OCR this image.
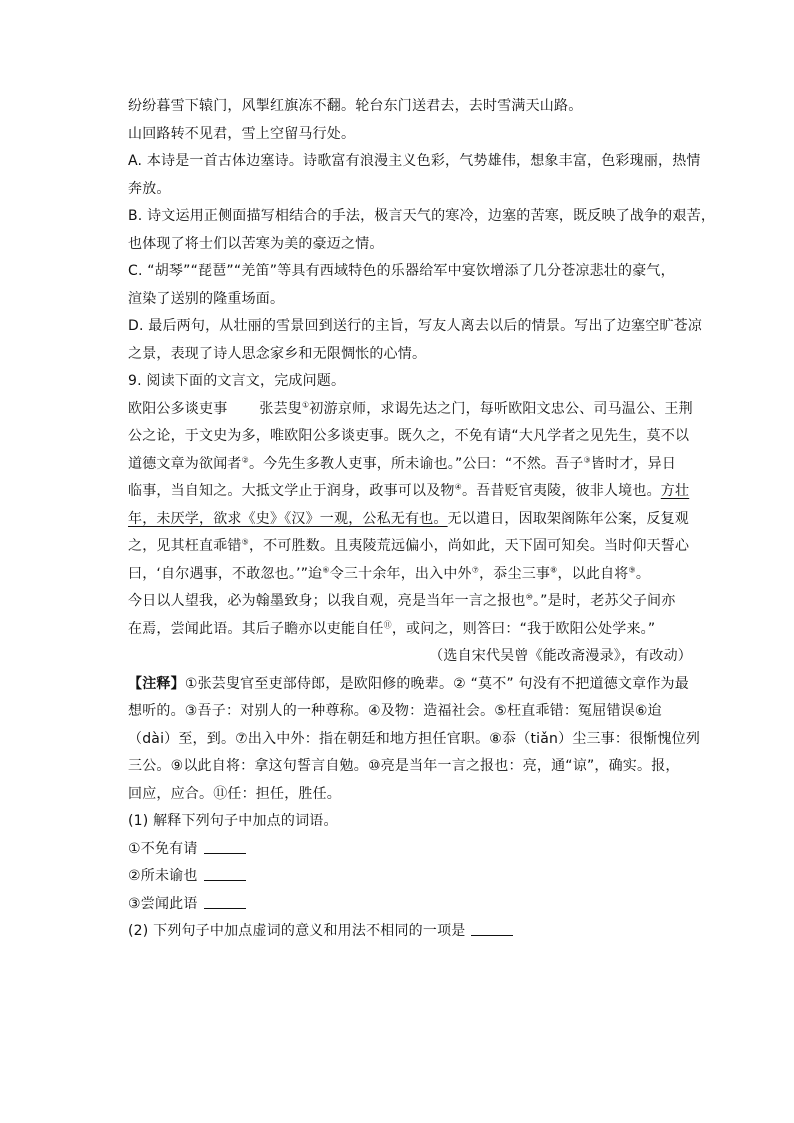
纷纷暮雪下辕门，风掣红旗冻不翻。轮台东门送君去，去时雪满天山路。
山回路转不见君，雪上空留马行处。
A. 本诗是一首古体边塞诗。诗歌富有浪漫主义色彩，气势雄伟，想象丰富，色彩瑰丽，热情
奔放。
B. 诗文运用正侧面描写相结合的手法，极言天气的寒冷，边塞的苦寒，既反映了战争的艰苦，
也体现了将士们以苦寒为美的豪迈之情。
C. “胡琴”“琵琶”“羌笛”等具有西域特色的乐器给军中宴饮增添了几分苍凉悲壮的豪气，
渲染了送别的隆重场面。
D. 最后两句，从壮丽的雪景回到送行的主旨，写友人离去以后的情景。写出了边塞空旷苍凉
之景，表现了诗人思念家乡和无限惆怅的心情。
9. 阅读下面的文言文，完成问题。
欧阳公多谈吏事 张芸叟①初游京师，求谒先达之门，每听欧阳文忠公、司马温公、王荆
公之论，于文史为多，唯欧阳公多谈吏事。既久之，不免有请“大凡学者之见先生，莫不以
道德文章为欲闻者②。今先生多教人吏事，所未谕也。”公曰：“不然。吾子③皆时才，异日
临事，当自知之。大抵文学止于润身，政事可以及物④。吾昔贬官夷陵，彼非人境也。方壮
年，未厌学，欲求《史》《汉》一观，公私无有也。无以遣日，因取架阁陈年公案，反复观
之，见其枉直乖错⑤，不可胜数。且夷陵荒远偏小，尚如此，天下固可知矣。当时仰天誓心
曰，‘自尔遇事，不敢忽也。’”迨⑥令三十余年，出入中外⑦，忝尘三事⑧，以此自将⑨。
今日以人望我，必为翰墨致身；以我自观，亮是当年一言之报也⑩。”是时，老苏父子间亦
在焉，尝闻此语。其后子瞻亦以吏能自任⑪，或问之，则答曰：“我于欧阳公处学来。”
（选自宋代吴曾《能改斋漫录》，有改动）
【注释】①张芸叟官至吏部侍郎，是欧阳修的晚辈。② “莫不” 句没有不把道德文章作为最
想听的。③吾子：对别人的一种尊称。④及物：造福社会。⑤枉直乖错：冤屈错误⑥迨
（dài）至，到。⑦出入中外：指在朝廷和地方担任官职。⑧忝（tiǎn）尘三事：很惭愧位列
三公。⑨以此自将：拿这句誓言自勉。⑩亮是当年一言之报也：亮，通“谅”，确实。报，
回应，应合。⑪任：担任，胜任。
(1) 解释下列句子中加点的词语。
①不免有请
②所未谕也
③尝闻此语
(2) 下列句子中加点虚词的意义和用法不相同的一项是
